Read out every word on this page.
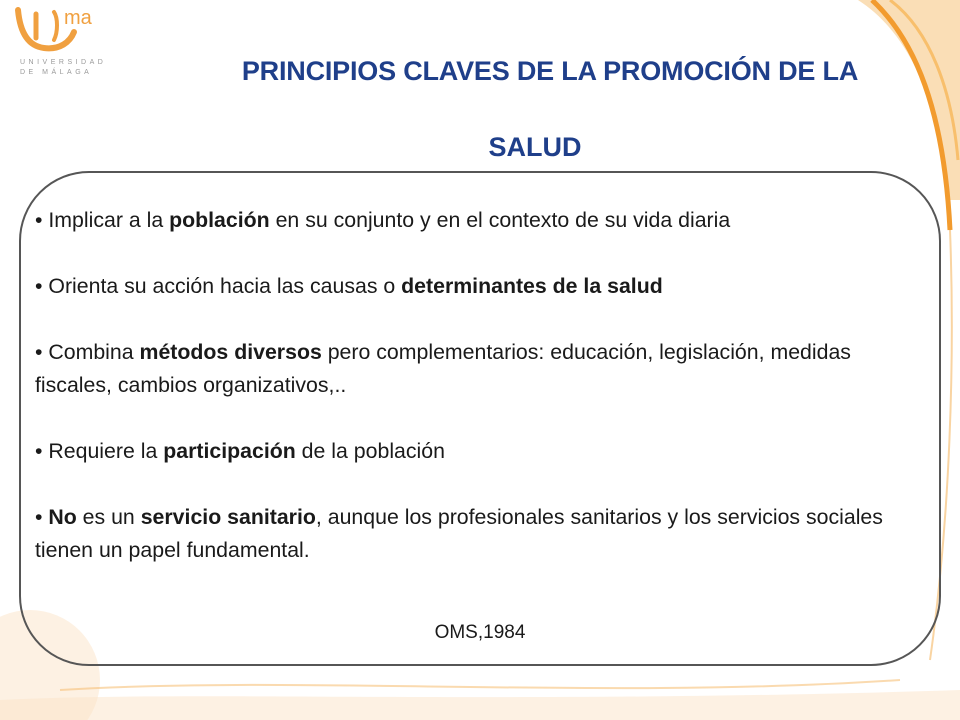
ma
UNIVERSIDAD
DE MÁLAGA	PRINCIPIOS CLAVES DE LA PROMOCIÓN DE LA
SALUD
• Implicar a la población en su conjunto y en el contexto de su vida diaria
• Orienta su acción hacia las causas o determinantes de la salud
• Combina métodos diversos pero complementarios: educación, legislación, medidas fiscales, cambios organizativos,..
• Requiere la participación de la población
• No es un servicio sanitario, aunque los profesionales sanitarios y los servicios sociales tienen un papel fundamental.
OMS,1984
